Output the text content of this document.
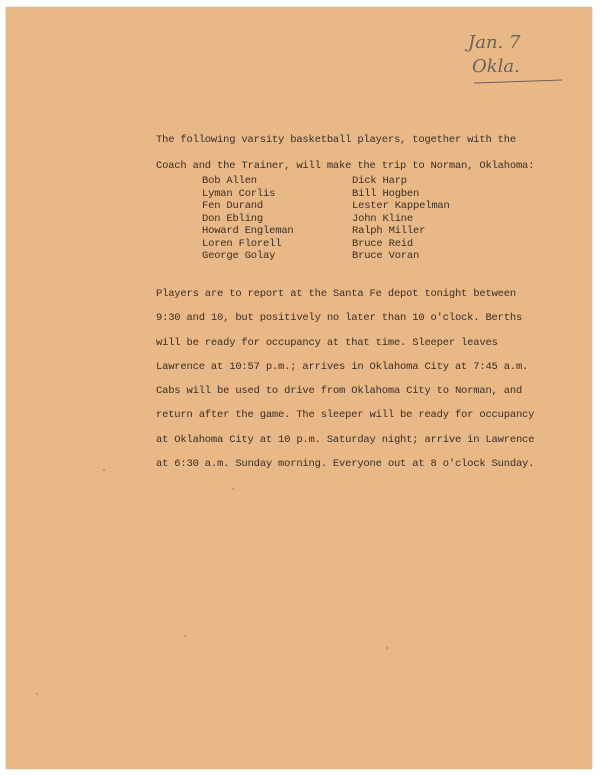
Jan. 7
Okla.

The following varsity basketball players, together with the

Coach and the Trainer, will make the trip to Norman, Oklahoma:

Bob Allen
Lyman Corlis
Fen Durand
Don Ebling
Howard Engleman
Loren Florell
George Golay
Dick Harp
Bill Hogben
Lester Kappelman
John Kline
Ralph Miller
Bruce Reid
Bruce Voran

Players are to report at the Santa Fe depot tonight between

9:30 and 10, but positively no later than 10 o'clock. Berths

will be ready for occupancy at that time. Sleeper leaves

Lawrence at 10:57 p.m.; arrives in Oklahoma City at 7:45 a.m.

Cabs will be used to drive from Oklahoma City to Norman, and

return after the game. The sleeper will be ready for occupancy

at Oklahoma City at 10 p.m. Saturday night; arrive in Lawrence

at 6:30 a.m. Sunday morning. Everyone out at 8 o'clock Sunday.
